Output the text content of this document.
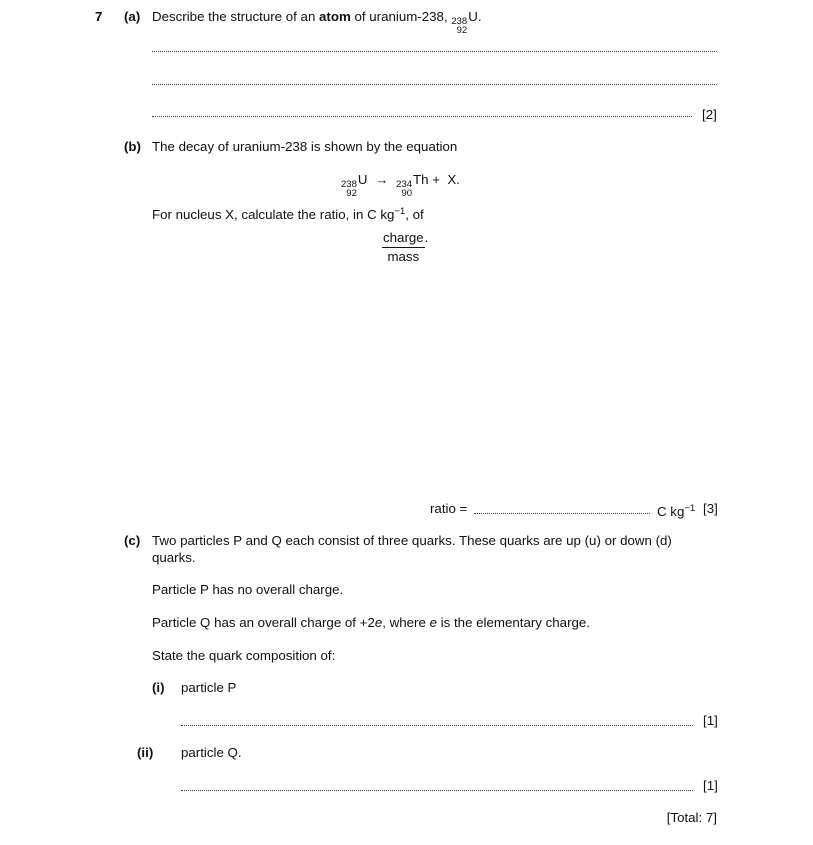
7 (a) Describe the structure of an atom of uranium-238, 238
92
U.
[2]
(b) The decay of uranium-238 is shown by the equation
238
92
U → 234
90
Th +  X.
For nucleus X, calculate the ratio, in C $kg^{-1}$, of
$\frac{\text{charge}}{\text{mass}}$ .
ratio =	C $kg^{-1}$ [3]
(c) Two particles P and Q each consist of three quarks. These quarks are up (u) or down (d)
quarks.
Particle P has no overall charge.
Particle Q has an overall charge of +2e, where e is the elementary charge.
State the quark composition of:
(i) particle P
[1]
(ii) particle Q.
[1]
[Total: 7]
